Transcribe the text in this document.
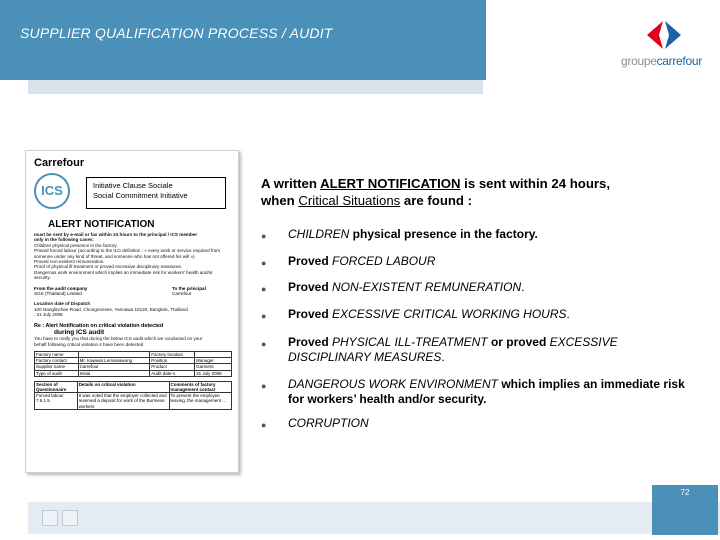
SUPPLIER QUALIFICATION PROCESS / AUDIT	C
groupecarrefour
Carrefour
ICS	Initiative Clause Sociale
Social Commitment Initiative
ALERT NOTIFICATION
must be sent by e-mail or fax within 24 hours to the principal / ICS member
only in the following cases:
Children physical presence in the factory.
Proved forced labour (according to the ILO definition : « every work or service required from
someone under any kind of threat, and someone who has not offered his will »).
Proved non-existent remuneration.
Proof of physical ill-treatment or proved excessive disciplinary measures.
Dangerous work environment which implies an immediate risk for workers' health and/or
security.
From the audit company
SGS (Thailand) Limited
To the principal
Carrefour
Location date of Dispatch
100 Nanglinchee Road, Chongnonsee, Yannawa 10120, Bangkok, Thailand
, 31 July 2008
Re : Alert Notification on critical violation detected
during ICS audit
You have to notify you that during the below ICS audit which we conducted on your
behalf following critical violation s have been detected
Factory name		Factory location	
Factory contact	Mr. Kawwat Lerniasawong	Position	Manager
Supplier name	Carrefour	Product	Garment
Type of audit	Initial	Audit date-s	31 July 2008
Section of Questionnaire	Details on critical violation	Comments of factory management contact
Forced labour 7.6.1.5	It was noted that the employer collected and reserved a deposit for work of the Burmese workers	To prevent the employee leaving, the management ...
A written ALERT NOTIFICATION is sent within 24 hours,
when Critical Situations are found :
● CHILDREN physical presence in the factory.
● Proved FORCED LABOUR
● Proved NON-EXISTENT REMUNERATION.
● Proved EXCESSIVE CRITICAL WORKING HOURS.
● Proved PHYSICAL ILL-TREATMENT or proved EXCESSIVE DISCIPLINARY MEASURES.
● DANGEROUS WORK ENVIRONMENT which implies an immediate risk for workers’ health and/or security.
● CORRUPTION
72
